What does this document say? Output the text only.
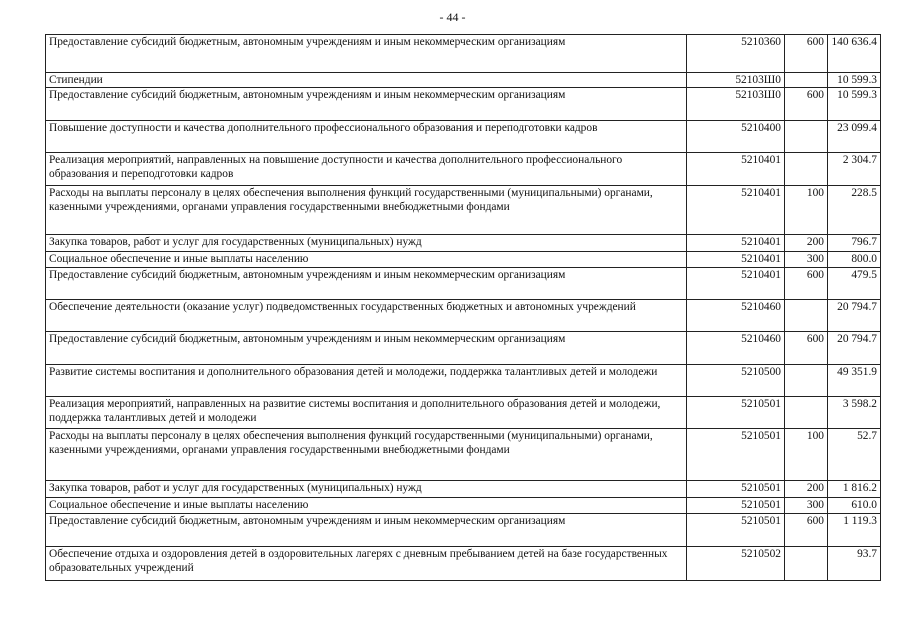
- 44 -
Предоставление субсидий бюджетным, автономным учреждениям и иным некоммерческим организациям	5210360	600	140 636.4
Стипендии	52103Ш0		10 599.3
Предоставление субсидий бюджетным, автономным учреждениям и иным некоммерческим организациям	52103Ш0	600	10 599.3
Повышение доступности и качества дополнительного профессионального образования и переподготовки кадров	5210400		23 099.4
Реализация мероприятий, направленных на повышение доступности и качества дополнительного профессионального образования и переподготовки кадров	5210401		2 304.7
Расходы на выплаты персоналу в целях обеспечения выполнения функций государственными (муниципальными) органами, казенными учреждениями, органами управления государственными внебюджетными фондами	5210401	100	228.5
Закупка товаров, работ и услуг для государственных (муниципальных) нужд	5210401	200	796.7
Социальное обеспечение и иные выплаты населению	5210401	300	800.0
Предоставление субсидий бюджетным, автономным учреждениям и иным некоммерческим организациям	5210401	600	479.5
Обеспечение деятельности (оказание услуг) подведомственных государственных бюджетных и автономных учреждений	5210460		20 794.7
Предоставление субсидий бюджетным, автономным учреждениям и иным некоммерческим организациям	5210460	600	20 794.7
Развитие системы воспитания и дополнительного образования детей и молодежи, поддержка талантливых детей и молодежи	5210500		49 351.9
Реализация мероприятий, направленных на развитие системы воспитания и дополнительного образования детей и молодежи, поддержка талантливых детей и молодежи	5210501		3 598.2
Расходы на выплаты персоналу в целях обеспечения выполнения функций государственными (муниципальными) органами, казенными учреждениями, органами управления государственными внебюджетными фондами	5210501	100	52.7
Закупка товаров, работ и услуг для государственных (муниципальных) нужд	5210501	200	1 816.2
Социальное обеспечение и иные выплаты населению	5210501	300	610.0
Предоставление субсидий бюджетным, автономным учреждениям и иным некоммерческим организациям	5210501	600	1 119.3
Обеспечение отдыха и оздоровления детей в оздоровительных лагерях с дневным пребыванием детей на базе государственных образовательных учреждений	5210502		93.7
